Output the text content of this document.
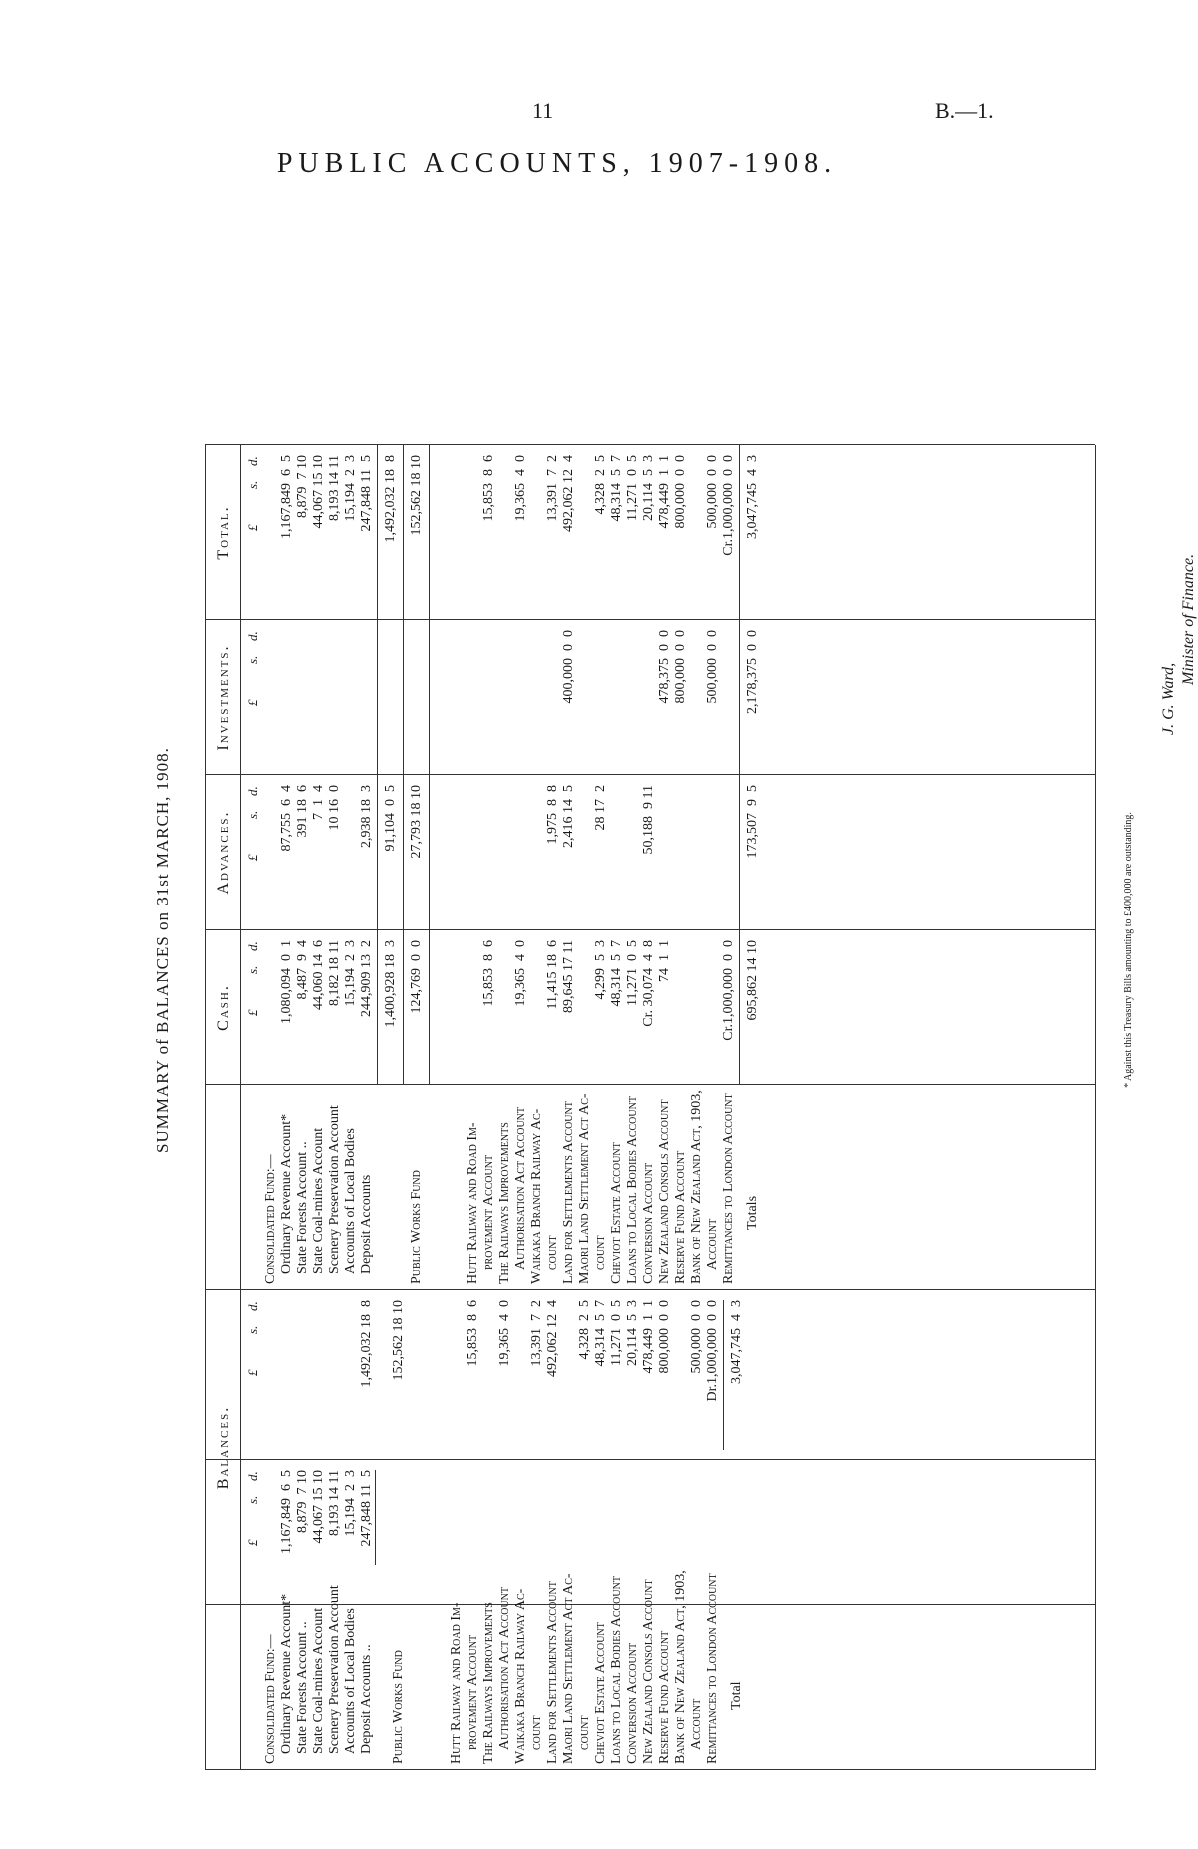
11	B.—1.
PUBLIC ACCOUNTS, 1907-1908.
SUMMARY of BALANCES on 31st MARCH, 1908.
Balances.
Cash.
Advances.
Investments.
Total.
£
s.
d.
£
s.
d.
£
s.
d.
£
s.
d.
£
s.
d.
£
s.
d.
Consolidated Fund:— Ordinary Revenue Account*
1,167,849  6  5
State Forests Account ..
8,879  7 10
State Coal-mines Account
44,067 15 10
Scenery Preservation Account
8,193 14 11
Accounts of Local Bodies
15,194  2  3
Deposit Accounts ..
247,848 11  5
1,492,032 18  8
Public Works Fund
152,562 18 10
Hutt Railway and Road Im- provement Account
15,853  8  6
The Railways Improvements Authorisation Act Account
19,365  4  0
Waikaka Branch Railway Ac- count
13,391  7  2
Land for Settlements Account
492,062 12  4
Maori Land Settlement Act Ac- count
4,328  2  5
Cheviot Estate Account
48,314  5  7
Loans to Local Bodies Account
11,271  0  5
Conversion Account
20,114  5  3
New Zealand Consols Account
478,449  1  1
Reserve Fund Account
800,000  0  0
Bank of New Zealand Act, 1903, Account
500,000  0  0
Remittances to London Account
Dr.1,000,000  0  0
Total
3,047,745  4  3
Consolidated Fund:— Ordinary Revenue Account*
1,080,094  0  1
87,755  6  4
1,167,849  6  5
State Forests Account ..
8,487  9  4
391 18  6
8,879  7 10
State Coal-mines Account
44,060 14  6
7  1  4
44,067 15 10
Scenery Preservation Account
8,182 18 11
10 16  0
8,193 14 11
Accounts of Local Bodies
15,194  2  3
15,194  2  3
Deposit Accounts
244,909 13  2
2,938 18  3
247,848 11  5
1,400,928 18  3
91,104  0  5
1,492,032 18  8
Public Works Fund
124,769  0  0
27,793 18 10
152,562 18 10
Hutt Railway and Road Im- provement Account
15,853  8  6
15,853  8  6
The Railways Improvements Authorisation Act Account
19,365  4  0
19,365  4  0
Waikaka Branch Railway Ac- count
11,415 18  6
1,975  8  8
13,391  7  2
Land for Settlements Account
89,645 17 11
2,416 14  5
400,000  0  0
492,062 12  4
Maori Land Settlement Act Ac- count
4,299  5  3
28 17  2
4,328  2  5
Cheviot Estate Account
48,314  5  7
48,314  5  7
Loans to Local Bodies Account
11,271  0  5
11,271  0  5
Conversion Account
Cr. 30,074  4  8
50,188  9 11
20,114  5  3
New Zealand Consols Account
74  1  1
478,375  0  0
478,449  1  1
Reserve Fund Account
800,000  0  0
800,000  0  0
Bank of New Zealand Act, 1903, Account
500,000  0  0
500,000  0  0
Remittances to London Account
Cr.1,000,000  0  0
Cr.1,000,000  0  0
Totals
695,862 14 10
173,507  9  5
2,178,375  0  0
3,047,745  4  3
* Against this Treasury Bills amounting to £400,000 are outstanding.
J. G. Ward,
Minister of Finance.
